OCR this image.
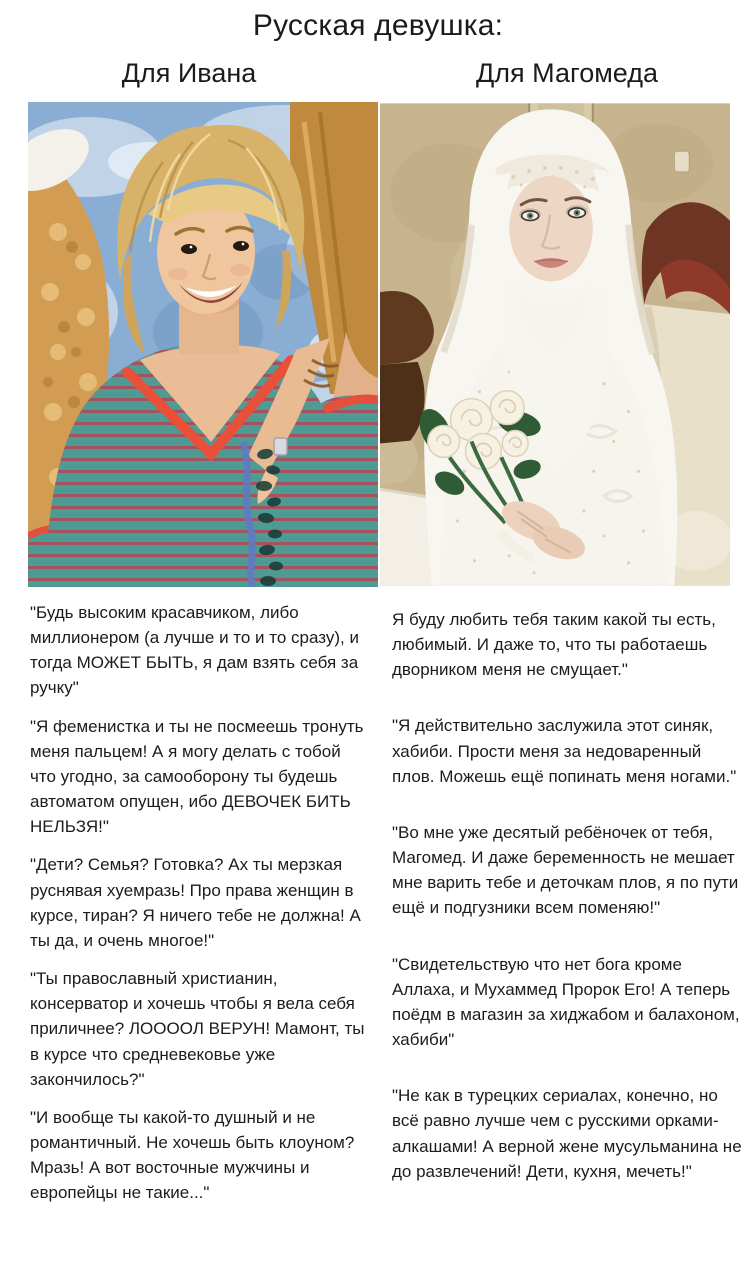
Русская девушка:
Для Ивана	Для Магомеда

"Будь высоким красавчиком, либо миллионером (а лучше и то и то сразу), и тогда МОЖЕТ БЫТЬ, я дам взять себя за ручку"

"Я феменистка и ты не посмеешь тронуть меня пальцем! А я могу делать с тобой что угодно, за самооборону ты будешь автоматом опущен, ибо ДЕВОЧЕК БИТЬ НЕЛЬЗЯ!"

"Дети? Семья? Готовка? Ах ты мерзкая руснявая хуемразь! Про права женщин в курсе, тиран? Я ничего тебе не должна! А ты да, и очень многое!"

"Ты православный христианин, консерватор и хочешь чтобы я вела себя приличнее? ЛООООЛ ВЕРУН! Мамонт, ты в курсе что средневековье уже закончилось?"

"И вообще ты какой-то душный и не романтичный. Не хочешь быть клоуном? Мразь! А вот восточные мужчины и европейцы не такие..."

Я буду любить тебя таким какой ты есть, любимый. И даже то, что ты работаешь дворником меня не смущает."

"Я действительно заслужила этот синяк, хабиби. Прости меня за недоваренный плов. Можешь ещё попинать меня ногами."

"Во мне уже десятый ребёночек от тебя, Магомед. И даже беременность не мешает мне варить тебе и деточкам плов, я по пути ещё и подгузники всем поменяю!"

"Свидетельствую что нет бога кроме Аллаха, и Мухаммед Пророк Его! А теперь поёдм в магазин за хиджабом и балахоном, хабиби"

"Не как в турецких сериалах, конечно, но всё равно лучше чем с русскими орками-алкашами! А верной жене мусульманина не до развлечений! Дети, кухня, мечеть!"
